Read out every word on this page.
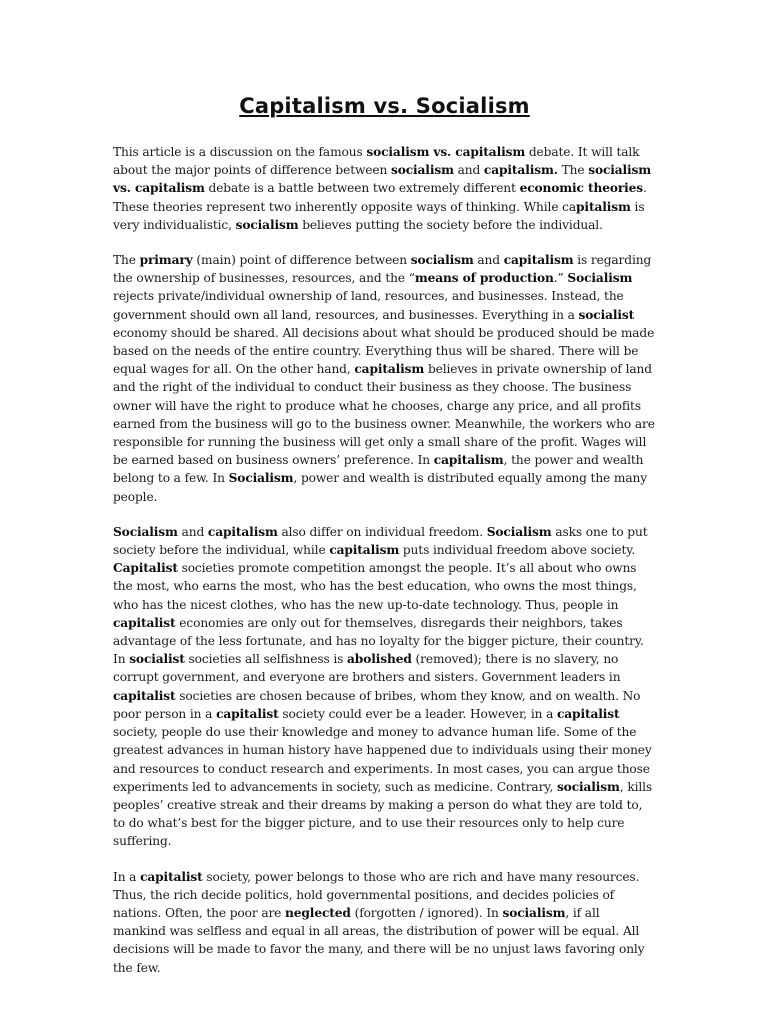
Capitalism vs. Socialism

This article is a discussion on the famous socialism vs. capitalism debate. It will talk about the major points of difference between socialism and capitalism. The socialism vs. capitalism debate is a battle between two extremely different economic theories. These theories represent two inherently opposite ways of thinking. While capitalism is very individualistic, socialism believes putting the society before the individual.

The primary (main) point of difference between socialism and capitalism is regarding the ownership of businesses, resources, and the “means of production.” Socialism rejects private/individual ownership of land, resources, and businesses. Instead, the government should own all land, resources, and businesses. Everything in a socialist economy should be shared. All decisions about what should be produced should be made based on the needs of the entire country. Everything thus will be shared. There will be equal wages for all. On the other hand, capitalism believes in private ownership of land and the right of the individual to conduct their business as they choose. The business owner will have the right to produce what he chooses, charge any price, and all profits earned from the business will go to the business owner. Meanwhile, the workers who are responsible for running the business will get only a small share of the profit. Wages will be earned based on business owners’ preference. In capitalism, the power and wealth belong to a few. In Socialism, power and wealth is distributed equally among the many people.

Socialism and capitalism also differ on individual freedom. Socialism asks one to put society before the individual, while capitalism puts individual freedom above society. Capitalist societies promote competition amongst the people. It’s all about who owns the most, who earns the most, who has the best education, who owns the most things, who has the nicest clothes, who has the new up-to-date technology. Thus, people in capitalist economies are only out for themselves, disregards their neighbors, takes advantage of the less fortunate, and has no loyalty for the bigger picture, their country. In socialist societies all selfishness is abolished (removed); there is no slavery, no corrupt government, and everyone are brothers and sisters. Government leaders in capitalist societies are chosen because of bribes, whom they know, and on wealth. No poor person in a capitalist society could ever be a leader. However, in a capitalist society, people do use their knowledge and money to advance human life. Some of the greatest advances in human history have happened due to individuals using their money and resources to conduct research and experiments. In most cases, you can argue those experiments led to advancements in society, such as medicine. Contrary, socialism, kills peoples’ creative streak and their dreams by making a person do what they are told to, to do what’s best for the bigger picture, and to use their resources only to help cure suffering.

In a capitalist society, power belongs to those who are rich and have many resources. Thus, the rich decide politics, hold governmental positions, and decides policies of nations. Often, the poor are neglected (forgotten / ignored). In socialism, if all mankind was selfless and equal in all areas, the distribution of power will be equal. All decisions will be made to favor the many, and there will be no unjust laws favoring only the few.
